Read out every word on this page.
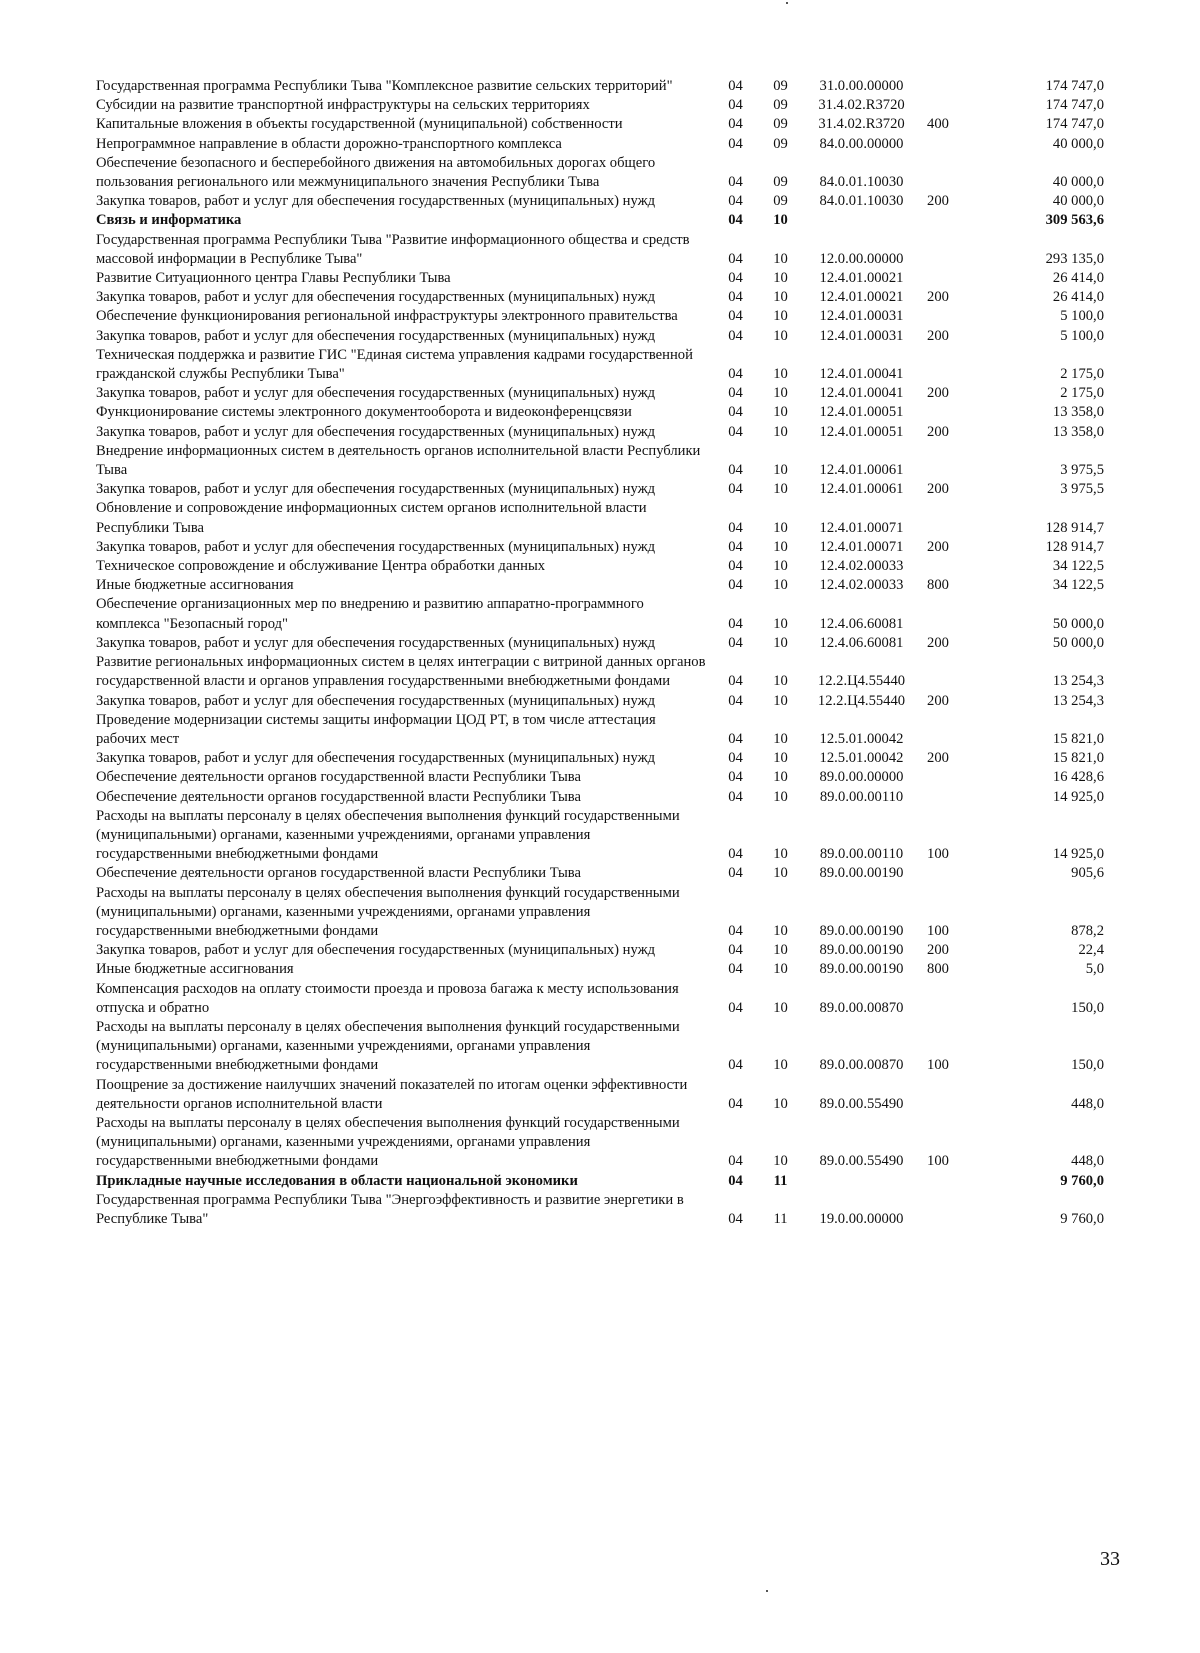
Государственная программа Республики Тыва "Комплексное развитие сельских территорий"	04	09	31.0.00.00000		174 747,0
Субсидии на развитие транспортной инфраструктуры на сельских территориях	04	09	31.4.02.R3720		174 747,0
Капитальные вложения в объекты государственной (муниципальной) собственности	04	09	31.4.02.R3720	400	174 747,0
Непрограммное направление в области дорожно-транспортного комплекса	04	09	84.0.00.00000		40 000,0
Обеспечение безопасного и бесперебойного движения на автомобильных дорогах общего пользования регионального или межмуниципального значения Республики Тыва	04	09	84.0.01.10030		40 000,0
Закупка товаров, работ и услуг для обеспечения государственных (муниципальных) нужд	04	09	84.0.01.10030	200	40 000,0
Связь и информатика	04	10			309 563,6
Государственная программа Республики Тыва "Развитие информационного общества и средств массовой информации в Республике Тыва"	04	10	12.0.00.00000		293 135,0
Развитие Ситуационного центра Главы Республики Тыва	04	10	12.4.01.00021		26 414,0
Закупка товаров, работ и услуг для обеспечения государственных (муниципальных) нужд	04	10	12.4.01.00021	200	26 414,0
Обеспечение функционирования региональной инфраструктуры электронного правительства	04	10	12.4.01.00031		5 100,0
Закупка товаров, работ и услуг для обеспечения государственных (муниципальных) нужд	04	10	12.4.01.00031	200	5 100,0
Техническая поддержка и развитие ГИС "Единая система управления кадрами государственной гражданской службы Республики Тыва"	04	10	12.4.01.00041		2 175,0
Закупка товаров, работ и услуг для обеспечения государственных (муниципальных) нужд	04	10	12.4.01.00041	200	2 175,0
Функционирование системы электронного документооборота и видеоконференцсвязи	04	10	12.4.01.00051		13 358,0
Закупка товаров, работ и услуг для обеспечения государственных (муниципальных) нужд	04	10	12.4.01.00051	200	13 358,0
Внедрение информационных систем в деятельность органов исполнительной власти Республики Тыва	04	10	12.4.01.00061		3 975,5
Закупка товаров, работ и услуг для обеспечения государственных (муниципальных) нужд	04	10	12.4.01.00061	200	3 975,5
Обновление и сопровождение информационных систем органов исполнительной власти Республики Тыва	04	10	12.4.01.00071		128 914,7
Закупка товаров, работ и услуг для обеспечения государственных (муниципальных) нужд	04	10	12.4.01.00071	200	128 914,7
Техническое сопровождение и обслуживание Центра обработки данных	04	10	12.4.02.00033		34 122,5
Иные бюджетные ассигнования	04	10	12.4.02.00033	800	34 122,5
Обеспечение организационных мер по внедрению и развитию аппаратно-программного комплекса "Безопасный город"	04	10	12.4.06.60081		50 000,0
Закупка товаров, работ и услуг для обеспечения государственных (муниципальных) нужд	04	10	12.4.06.60081	200	50 000,0
Развитие региональных информационных систем в целях интеграции с витриной данных органов государственной власти и органов управления государственными внебюджетными фондами	04	10	12.2.Ц4.55440		13 254,3
Закупка товаров, работ и услуг для обеспечения государственных (муниципальных) нужд	04	10	12.2.Ц4.55440	200	13 254,3
Проведение модернизации системы защиты информации ЦОД РТ, в том числе аттестация рабочих мест	04	10	12.5.01.00042		15 821,0
Закупка товаров, работ и услуг для обеспечения государственных (муниципальных) нужд	04	10	12.5.01.00042	200	15 821,0
Обеспечение деятельности органов государственной власти Республики Тыва	04	10	89.0.00.00000		16 428,6
Обеспечение деятельности органов государственной власти Республики Тыва	04	10	89.0.00.00110		14 925,0
Расходы на выплаты персоналу в целях обеспечения выполнения функций государственными (муниципальными) органами, казенными учреждениями, органами управления государственными внебюджетными фондами	04	10	89.0.00.00110	100	14 925,0
Обеспечение деятельности органов государственной власти Республики Тыва	04	10	89.0.00.00190		905,6
Расходы на выплаты персоналу в целях обеспечения выполнения функций государственными (муниципальными) органами, казенными учреждениями, органами управления государственными внебюджетными фондами	04	10	89.0.00.00190	100	878,2
Закупка товаров, работ и услуг для обеспечения государственных (муниципальных) нужд	04	10	89.0.00.00190	200	22,4
Иные бюджетные ассигнования	04	10	89.0.00.00190	800	5,0
Компенсация расходов на оплату стоимости проезда и провоза багажа к месту использования отпуска и обратно	04	10	89.0.00.00870		150,0
Расходы на выплаты персоналу в целях обеспечения выполнения функций государственными (муниципальными) органами, казенными учреждениями, органами управления государственными внебюджетными фондами	04	10	89.0.00.00870	100	150,0
Поощрение за достижение наилучших значений показателей по итогам оценки эффективности деятельности органов исполнительной власти	04	10	89.0.00.55490		448,0
Расходы на выплаты персоналу в целях обеспечения выполнения функций государственными (муниципальными) органами, казенными учреждениями, органами управления государственными внебюджетными фондами	04	10	89.0.00.55490	100	448,0
Прикладные научные исследования в области национальной экономики	04	11			9 760,0
Государственная программа Республики Тыва "Энергоэффективность и развитие энергетики в Республике Тыва"	04	11	19.0.00.00000		9 760,0
33
